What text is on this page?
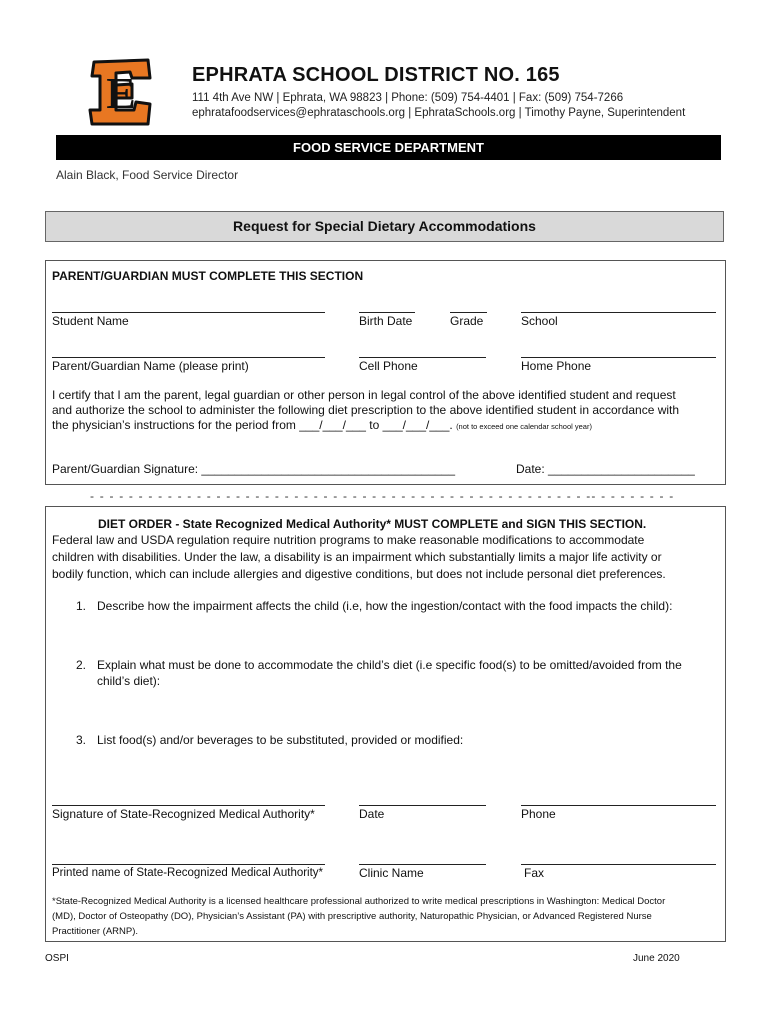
E	EPHRATA SCHOOL DISTRICT NO. 165
111 4th Ave NW | Ephrata, WA 98823 | Phone: (509) 754-4401 | Fax: (509) 754-7266
ephratafoodservices@ephrataschools.org | EphrataSchools.org | Timothy Payne, Superintendent
FOOD SERVICE DEPARTMENT
Alain Black, Food Service Director
Request for Special Dietary Accommodations
PARENT/GUARDIAN MUST COMPLETE THIS SECTION
Student Name	Birth Date	Grade	School
Parent/Guardian Name (please print)	Cell Phone	Home Phone
I certify that I am the parent, legal guardian or other person in legal control of the above identified student and request
and authorize the school to administer the following diet prescription to the above identified student in accordance with
the physician’s instructions for the period from ___/___/___ to ___/___/___. (not to exceed one calendar school year)
Parent/Guardian Signature: ______________________________________	Date: ______________________
- - - - - - - - - - - - - - - - - - - - - - - - - - - - - - - - - - - - - - - - - - - - - - - - - - - -- - - - - - - - -
DIET ORDER - State Recognized Medical Authority* MUST COMPLETE and SIGN THIS SECTION.
Federal law and USDA regulation require nutrition programs to make reasonable modifications to accommodate
children with disabilities. Under the law, a disability is an impairment which substantially limits a major life activity or
bodily function, which can include allergies and digestive conditions, but does not include personal diet preferences.
1. Describe how the impairment affects the child (i.e, how the ingestion/contact with the food impacts the child):
2. Explain what must be done to accommodate the child’s diet (i.e specific food(s) to be omitted/avoided from the
child’s diet):
3. List food(s) and/or beverages to be substituted, provided or modified:
Signature of State-Recognized Medical Authority*	Date	Phone
Printed name of State-Recognized Medical Authority*	Clinic Name	Fax
*State-Recognized Medical Authority is a licensed healthcare professional authorized to write medical prescriptions in Washington: Medical Doctor
(MD), Doctor of Osteopathy (DO), Physician’s Assistant (PA) with prescriptive authority, Naturopathic Physician, or Advanced Registered Nurse
Practitioner (ARNP).
OSPI	June 2020
